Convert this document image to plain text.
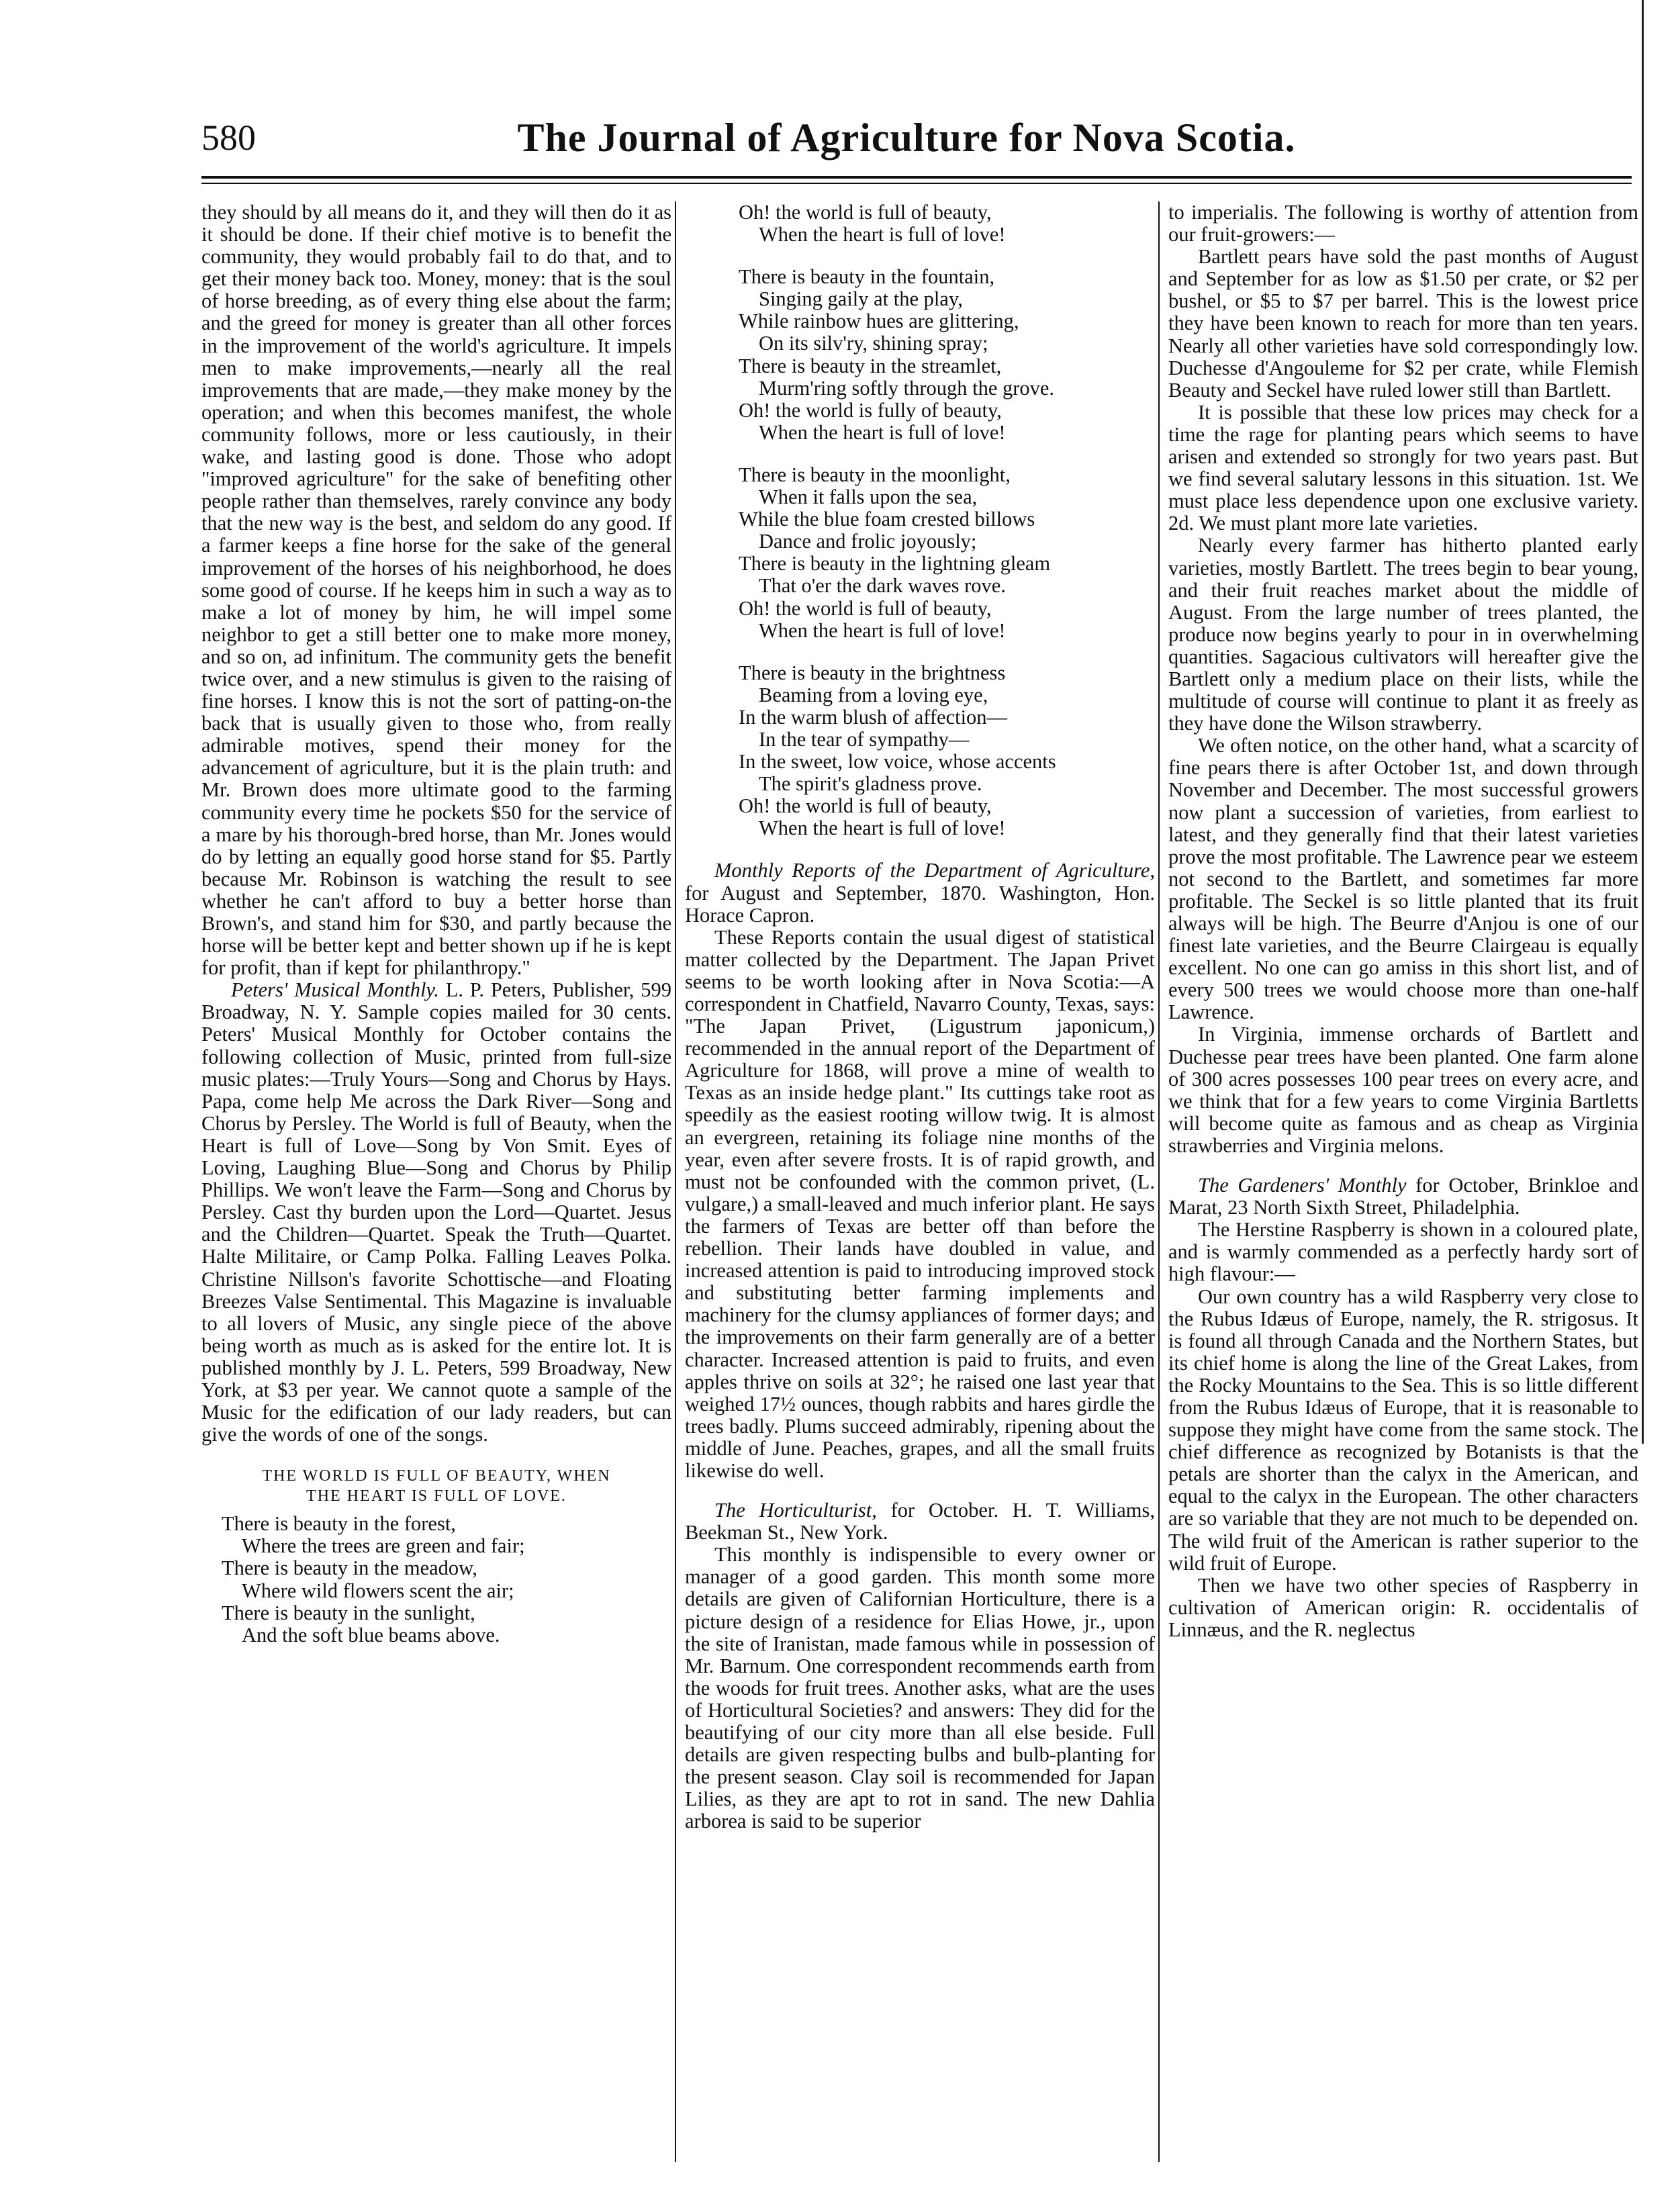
580	The Journal of Agriculture for Nova Scotia.

they should by all means do it, and they will then do it as it should be done. If their chief motive is to benefit the community, they would probably fail to do that, and to get their money back too. Money, money: that is the soul of horse breeding, as of every thing else about the farm; and the greed for money is greater than all other forces in the improvement of the world's agriculture. It impels men to make improvements,—nearly all the real improvements that are made,—they make money by the operation; and when this becomes manifest, the whole community follows, more or less cautiously, in their wake, and lasting good is done. Those who adopt "improved agriculture" for the sake of benefiting other people rather than themselves, rarely convince any body that the new way is the best, and seldom do any good. If a farmer keeps a fine horse for the sake of the general improvement of the horses of his neighborhood, he does some good of course. If he keeps him in such a way as to make a lot of money by him, he will impel some neighbor to get a still better one to make more money, and so on, ad infinitum. The community gets the benefit twice over, and a new stimulus is given to the raising of fine horses. I know this is not the sort of patting-on-the back that is usually given to those who, from really admirable motives, spend their money for the advancement of agriculture, but it is the plain truth: and Mr. Brown does more ultimate good to the farming community every time he pockets $50 for the service of a mare by his thorough-bred horse, than Mr. Jones would do by letting an equally good horse stand for $5. Partly because Mr. Robinson is watching the result to see whether he can't afford to buy a better horse than Brown's, and stand him for $30, and partly because the horse will be better kept and better shown up if he is kept for profit, than if kept for philanthropy."

Peters' Musical Monthly. L. P. Peters, Publisher, 599 Broadway, N. Y. Sample copies mailed for 30 cents. Peters' Musical Monthly for October contains the following collection of Music, printed from full-size music plates:—Truly Yours—Song and Chorus by Hays. Papa, come help Me across the Dark River—Song and Chorus by Persley. The World is full of Beauty, when the Heart is full of Love—Song by Von Smit. Eyes of Loving, Laughing Blue—Song and Chorus by Philip Phillips. We won't leave the Farm—Song and Chorus by Persley. Cast thy burden upon the Lord—Quartet. Jesus and the Children—Quartet. Speak the Truth—Quartet. Halte Militaire, or Camp Polka. Falling Leaves Polka. Christine Nillson's favorite Schottische—and Floating Breezes Valse Sentimental. This Magazine is invaluable to all lovers of Music, any single piece of the above being worth as much as is asked for the entire lot. It is published monthly by J. L. Peters, 599 Broadway, New York, at $3 per year. We cannot quote a sample of the Music for the edification of our lady readers, but can give the words of one of the songs.

THE WORLD IS FULL OF BEAUTY, WHEN
THE HEART IS FULL OF LOVE.
There is beauty in the forest,
Where the trees are green and fair;
There is beauty in the meadow,
Where wild flowers scent the air;
There is beauty in the sunlight,
And the soft blue beams above.
Oh! the world is full of beauty,
When the heart is full of love!
There is beauty in the fountain,
Singing gaily at the play,
While rainbow hues are glittering,
On its silv'ry, shining spray;
There is beauty in the streamlet,
Murm'ring softly through the grove.
Oh! the world is fully of beauty,
When the heart is full of love!
There is beauty in the moonlight,
When it falls upon the sea,
While the blue foam crested billows
Dance and frolic joyously;
There is beauty in the lightning gleam
That o'er the dark waves rove.
Oh! the world is full of beauty,
When the heart is full of love!
There is beauty in the brightness
Beaming from a loving eye,
In the warm blush of affection—
In the tear of sympathy—
In the sweet, low voice, whose accents
The spirit's gladness prove.
Oh! the world is full of beauty,
When the heart is full of love!

Monthly Reports of the Department of Agriculture, for August and September, 1870. Washington, Hon. Horace Capron.

These Reports contain the usual digest of statistical matter collected by the Department. The Japan Privet seems to be worth looking after in Nova Scotia:—A correspondent in Chatfield, Navarro County, Texas, says: "The Japan Privet, (Ligustrum japonicum,) recommended in the annual report of the Department of Agriculture for 1868, will prove a mine of wealth to Texas as an inside hedge plant." Its cuttings take root as speedily as the easiest rooting willow twig. It is almost an evergreen, retaining its foliage nine months of the year, even after severe frosts. It is of rapid growth, and must not be confounded with the common privet, (L. vulgare,) a small-leaved and much inferior plant. He says the farmers of Texas are better off than before the rebellion. Their lands have doubled in value, and increased attention is paid to introducing improved stock and substituting better farming implements and machinery for the clumsy appliances of former days; and the improvements on their farm generally are of a better character. Increased attention is paid to fruits, and even apples thrive on soils at 32°; he raised one last year that weighed 17½ ounces, though rabbits and hares girdle the trees badly. Plums succeed admirably, ripening about the middle of June. Peaches, grapes, and all the small fruits likewise do well.

The Horticulturist, for October. H. T. Williams, Beekman St., New York.

This monthly is indispensible to every owner or manager of a good garden. This month some more details are given of Californian Horticulture, there is a picture design of a residence for Elias Howe, jr., upon the site of Iranistan, made famous while in possession of Mr. Barnum. One correspondent recommends earth from the woods for fruit trees. Another asks, what are the uses of Horticultural Societies? and answers: They did for the beautifying of our city more than all else beside. Full details are given respecting bulbs and bulb-planting for the present season. Clay soil is recommended for Japan Lilies, as they are apt to rot in sand. The new Dahlia arborea is said to be superior

to imperialis. The following is worthy of attention from our fruit-growers:—

Bartlett pears have sold the past months of August and September for as low as $1.50 per crate, or $2 per bushel, or $5 to $7 per barrel. This is the lowest price they have been known to reach for more than ten years. Nearly all other varieties have sold correspondingly low. Duchesse d'Angouleme for $2 per crate, while Flemish Beauty and Seckel have ruled lower still than Bartlett.

It is possible that these low prices may check for a time the rage for planting pears which seems to have arisen and extended so strongly for two years past. But we find several salutary lessons in this situation. 1st. We must place less dependence upon one exclusive variety. 2d. We must plant more late varieties.

Nearly every farmer has hitherto planted early varieties, mostly Bartlett. The trees begin to bear young, and their fruit reaches market about the middle of August. From the large number of trees planted, the produce now begins yearly to pour in in overwhelming quantities. Sagacious cultivators will hereafter give the Bartlett only a medium place on their lists, while the multitude of course will continue to plant it as freely as they have done the Wilson strawberry.

We often notice, on the other hand, what a scarcity of fine pears there is after October 1st, and down through November and December. The most successful growers now plant a succession of varieties, from earliest to latest, and they generally find that their latest varieties prove the most profitable. The Lawrence pear we esteem not second to the Bartlett, and sometimes far more profitable. The Seckel is so little planted that its fruit always will be high. The Beurre d'Anjou is one of our finest late varieties, and the Beurre Clairgeau is equally excellent. No one can go amiss in this short list, and of every 500 trees we would choose more than one-half Lawrence.

In Virginia, immense orchards of Bartlett and Duchesse pear trees have been planted. One farm alone of 300 acres possesses 100 pear trees on every acre, and we think that for a few years to come Virginia Bartletts will become quite as famous and as cheap as Virginia strawberries and Virginia melons.

The Gardeners' Monthly for October, Brinkloe and Marat, 23 North Sixth Street, Philadelphia.

The Herstine Raspberry is shown in a coloured plate, and is warmly commended as a perfectly hardy sort of high flavour:—

Our own country has a wild Raspberry very close to the Rubus Idæus of Europe, namely, the R. strigosus. It is found all through Canada and the Northern States, but its chief home is along the line of the Great Lakes, from the Rocky Mountains to the Sea. This is so little different from the Rubus Idæus of Europe, that it is reasonable to suppose they might have come from the same stock. The chief difference as recognized by Botanists is that the petals are shorter than the calyx in the American, and equal to the calyx in the European. The other characters are so variable that they are not much to be depended on. The wild fruit of the American is rather superior to the wild fruit of Europe.

Then we have two other species of Raspberry in cultivation of American origin: R. occidentalis of Linnæus, and the R. neglectus
